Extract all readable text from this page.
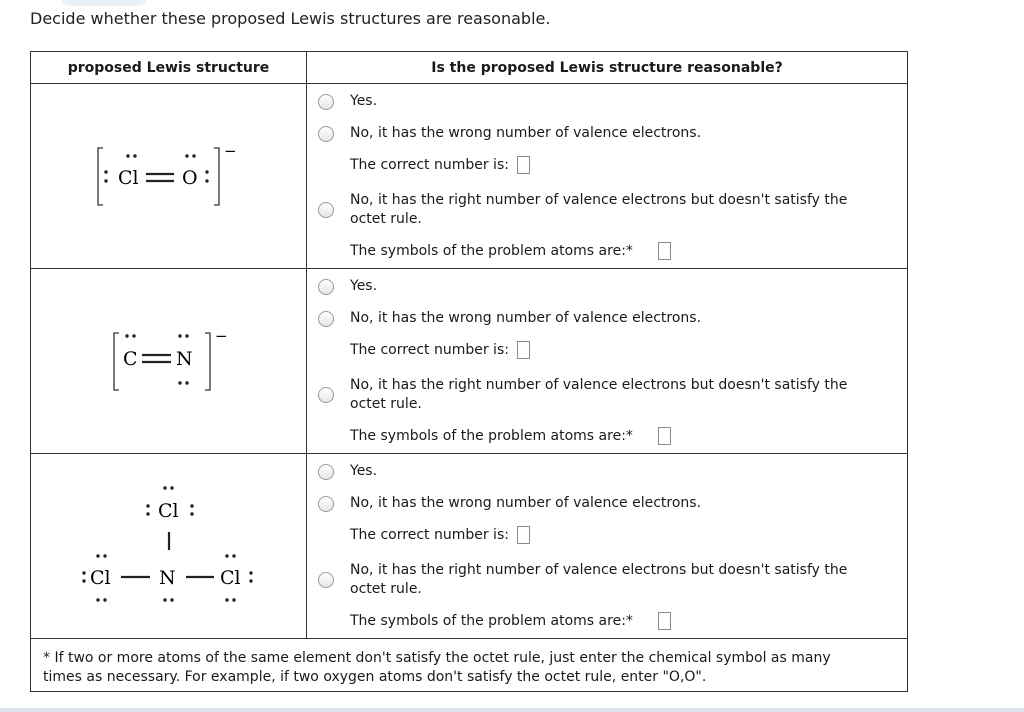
Decide whether these proposed Lewis structures are reasonable.
proposed Lewis structure	Is the proposed Lewis structure reasonable?
−
Cl O
Yes.
No, it has the wrong number of valence electrons.
The correct number is:
No, it has the right number of valence electrons but doesn't satisfy the
octet rule.
The symbols of the problem atoms are:*
−
C N
Yes.
No, it has the wrong number of valence electrons.
The correct number is:
No, it has the right number of valence electrons but doesn't satisfy the
octet rule.
The symbols of the problem atoms are:*
Cl
Cl	N Cl
Yes.
No, it has the wrong number of valence electrons.
The correct number is:
No, it has the right number of valence electrons but doesn't satisfy the
octet rule.
The symbols of the problem atoms are:*
* If two or more atoms of the same element don't satisfy the octet rule, just enter the chemical symbol as many
times as necessary. For example, if two oxygen atoms don't satisfy the octet rule, enter "O,O".
